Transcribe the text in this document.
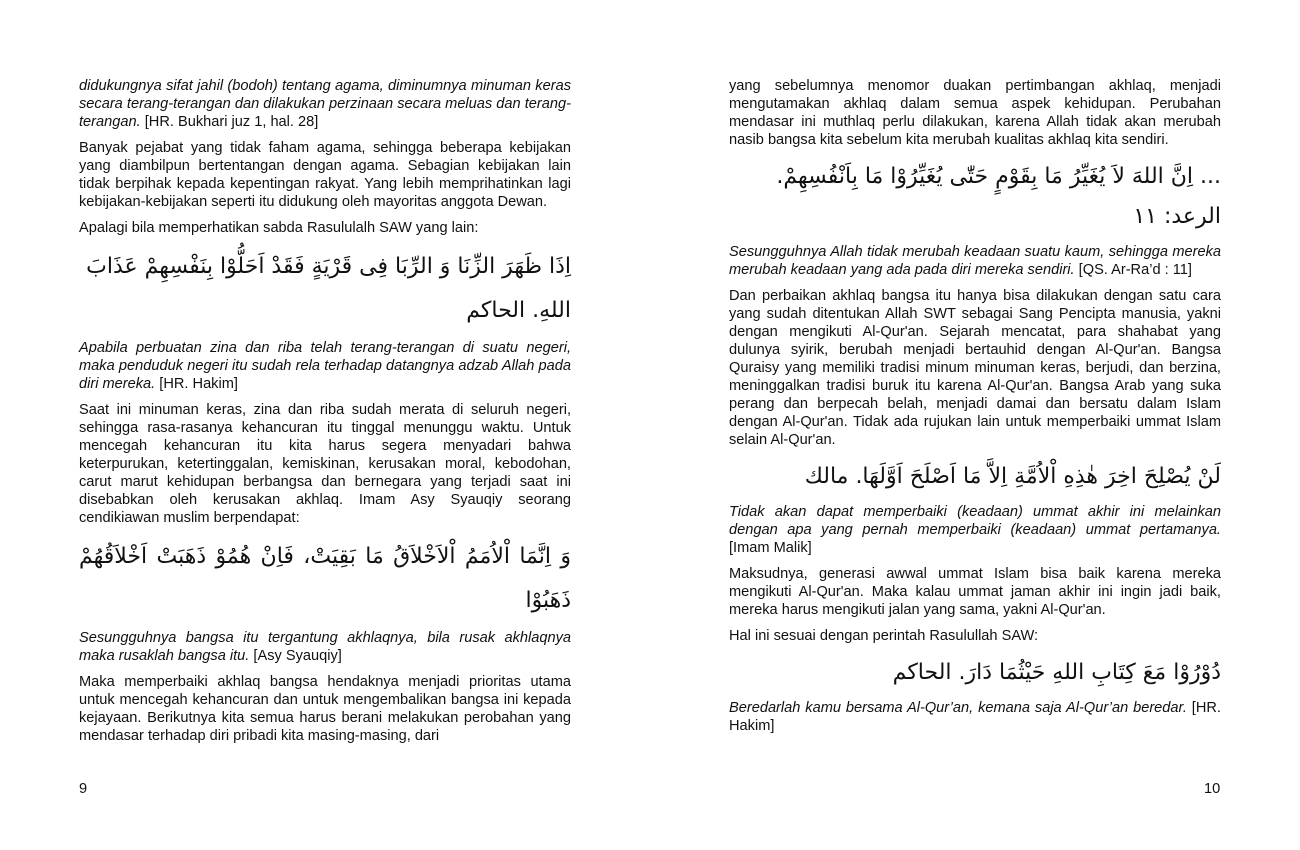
didukungnya sifat jahil (bodoh) tentang agama, diminumnya minuman keras secara terang-terangan dan dilakukan perzinaan secara meluas dan terang-terangan. [HR. Bukhari juz 1, hal. 28]

Banyak pejabat yang tidak faham agama, sehingga beberapa kebijakan yang diambilpun bertentangan dengan agama. Sebagian kebijakan lain tidak berpihak kepada kepentingan rakyat. Yang lebih memprihatinkan lagi kebijakan-kebijakan seperti itu didukung oleh mayoritas anggota Dewan.

Apalagi bila memperhatikan sabda Rasululalh SAW yang lain:

اِذَا ظَهَرَ الزِّنَا وَ الرِّبَا فِى قَرْيَةٍ فَقَدْ اَحَلُّوْا بِنَفْسِهِمْ عَذَابَ اللهِ. الحاكم

Apabila perbuatan zina dan riba telah terang-terangan di suatu negeri, maka penduduk negeri itu sudah rela terhadap datangnya adzab Allah pada diri mereka. [HR. Hakim]

Saat ini minuman keras, zina dan riba sudah merata di seluruh negeri, sehingga rasa-rasanya kehancuran itu tinggal menunggu waktu. Untuk mencegah kehancuran itu kita harus segera menyadari bahwa keterpurukan, ketertinggalan, kemiskinan, kerusakan moral, kebodohan, carut marut kehidupan berbangsa dan bernegara yang terjadi saat ini disebabkan oleh kerusakan akhlaq. Imam Asy Syauqiy seorang cendikiawan muslim berpendapat:

وَ اِنَّمَا اْلاُمَمُ اْلاَخْلاَقُ مَا بَقِيَتْ، فَاِنْ هُمُوْ ذَهَبَتْ اَخْلاَقُهُمْ ذَهَبُوْا

Sesungguhnya bangsa itu tergantung akhlaqnya, bila rusak akhlaqnya maka rusaklah bangsa itu. [Asy Syauqiy]

Maka memperbaiki akhlaq bangsa hendaknya menjadi prioritas utama untuk mencegah kehancuran dan untuk mengembalikan bangsa ini kepada kejayaan. Berikutnya kita semua harus berani melakukan perobahan yang mendasar terhadap diri pribadi kita masing-masing, dari

9

yang sebelumnya menomor duakan pertimbangan akhlaq, menjadi mengutamakan akhlaq dalam semua aspek kehidupan. Perubahan mendasar ini muthlaq perlu dilakukan, karena Allah tidak akan merubah nasib bangsa kita sebelum kita merubah kualitas akhlaq kita sendiri.

... اِنَّ اللهَ لاَ يُغَيِّرُ مَا بِقَوْمٍ حَتّٰى يُغَيِّرُوْا مَا بِاَنْفُسِهِمْ. الرعد: ١١

Sesungguhnya Allah tidak merubah keadaan suatu kaum, sehingga mereka merubah keadaan yang ada pada diri mereka sendiri. [QS. Ar-Ra’d : 11]

Dan perbaikan akhlaq bangsa itu hanya bisa dilakukan dengan satu cara yang sudah ditentukan Allah SWT sebagai Sang Pencipta manusia, yakni dengan mengikuti Al-Qur'an. Sejarah mencatat, para shahabat yang dulunya syirik, berubah menjadi bertauhid dengan Al-Qur'an. Bangsa Quraisy yang memiliki tradisi minum minuman keras, berjudi, dan berzina, meninggalkan tradisi buruk itu karena Al-Qur'an. Bangsa Arab yang suka perang dan berpecah belah, menjadi damai dan bersatu dalam Islam dengan Al-Qur'an. Tidak ada rujukan lain untuk memperbaiki ummat Islam selain Al-Qur'an.

لَنْ يُصْلِحَ اخِرَ هٰذِهِ اْلاُمَّةِ اِلاَّ مَا اَصْلَحَ اَوَّلَهَا. مالك

Tidak akan dapat memperbaiki (keadaan) ummat akhir ini melainkan dengan apa yang pernah memperbaiki (keadaan) ummat pertamanya. [Imam Malik]

Maksudnya, generasi awwal ummat Islam bisa baik karena mereka mengikuti Al-Qur'an. Maka kalau ummat jaman akhir ini ingin jadi baik, mereka harus mengikuti jalan yang sama, yakni Al-Qur'an.

Hal ini sesuai dengan perintah Rasulullah SAW:

دُوْرُوْا مَعَ كِتَابِ اللهِ حَيْثُمَا دَارَ. الحاكم

Beredarlah kamu bersama Al-Qur’an, kemana saja Al-Qur’an beredar. [HR. Hakim]

10
